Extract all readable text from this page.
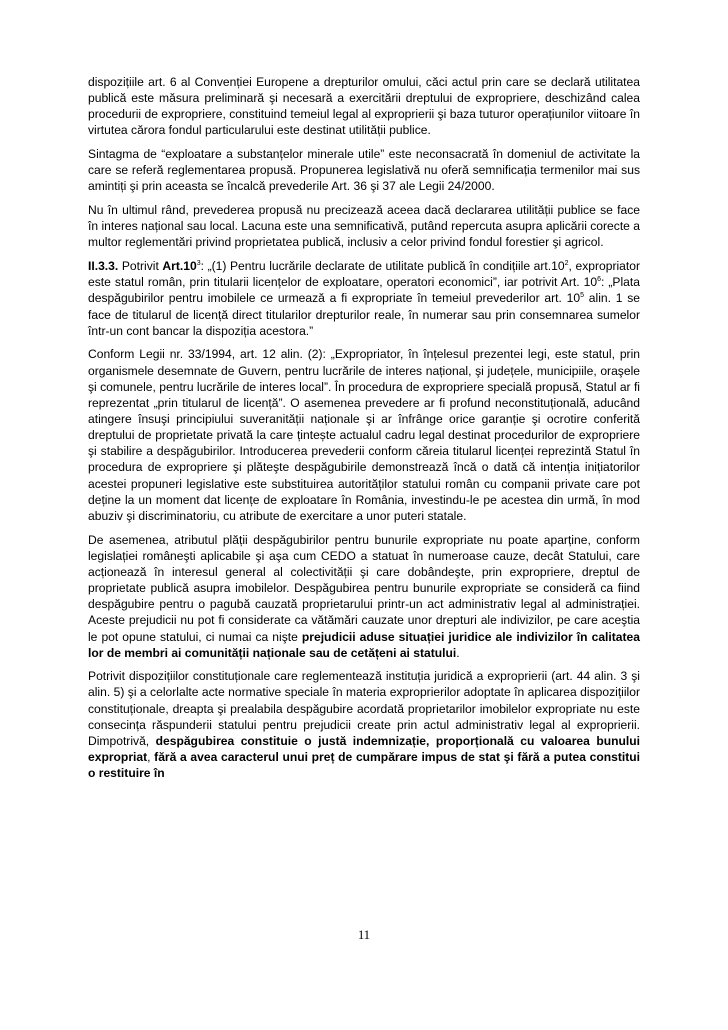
dispozițiile art. 6 al Convenției Europene a drepturilor omului, căci actul prin care se declară utilitatea publică este măsura preliminară şi necesară a exercitării dreptului de expropriere, deschizând calea procedurii de expropriere, constituind temeiul legal al exproprierii şi baza tuturor operațiunilor viitoare în virtutea cărora fondul particularului este destinat utilității publice.

Sintagma de “exploatare a substanțelor minerale utile” este neconsacrată în domeniul de activitate la care se referă reglementarea propusă. Propunerea legislativă nu oferă semnificația termenilor mai sus amintiți şi prin aceasta se încalcă prevederile Art. 36 şi 37 ale Legii 24/2000.

Nu în ultimul rând, prevederea propusă nu precizează aceea dacă declararea utilității publice se face în interes național sau local. Lacuna este una semnificativă, putând repercuta asupra aplicării corecte a multor reglementări privind proprietatea publică, inclusiv a celor privind fondul forestier şi agricol.

II.3.3. Potrivit $Art.10^3$: „(1) Pentru lucrările declarate de utilitate publică în condițiile $art.10^2$, expropriator este statul român, prin titularii licențelor de exploatare, operatori economici”, iar potrivit Art. $10^6$: „Plata despăgubirilor pentru imobilele ce urmează a fi expropriate în temeiul prevederilor art. $10^5$ alin. 1 se face de titularul de licență direct titularilor drepturilor reale, în numerar sau prin consemnarea sumelor într-un cont bancar la dispoziția acestora.”

Conform Legii nr. 33/1994, art. 12 alin. (2): „Expropriator, în înțelesul prezentei legi, este statul, prin organismele desemnate de Guvern, pentru lucrările de interes național, şi județele, municipiile, oraşele şi comunele, pentru lucrările de interes local”. În procedura de expropriere specială propusă, Statul ar fi reprezentat „prin titularul de licență”. O asemenea prevedere ar fi profund neconstituțională, aducând atingere însuşi principiului suveranității naționale şi ar înfrânge orice garanție şi ocrotire conferită dreptului de proprietate privată la care țintește actualul cadru legal destinat procedurilor de expropriere şi stabilire a despăgubirilor. Introducerea prevederii conform căreia titularul licenței reprezintă Statul în procedura de expropriere şi plăteşte despăgubirile demonstrează încă o dată că intenția inițiatorilor acestei propuneri legislative este substituirea autorităților statului român cu companii private care pot deține la un moment dat licențe de exploatare în România, investindu-le pe acestea din urmă, în mod abuziv şi discriminatoriu, cu atribute de exercitare a unor puteri statale.

De asemenea, atributul plății despăgubirilor pentru bunurile expropriate nu poate aparține, conform legislației româneşti aplicabile şi aşa cum CEDO a statuat în numeroase cauze, decât Statului, care acționează în interesul general al colectivității şi care dobândeşte, prin expropriere, dreptul de proprietate publică asupra imobilelor. Despăgubirea pentru bunurile expropriate se consideră ca fiind despăgubire pentru o pagubă cauzată proprietarului printr-un act administrativ legal al administrației. Aceste prejudicii nu pot fi considerate ca vătămări cauzate unor drepturi ale indivizilor, pe care aceştia le pot opune statului, ci numai ca nişte prejudicii aduse situației juridice ale indivizilor în calitatea lor de membri ai comunității naționale sau de cetățeni ai statului.

Potrivit dispozițiilor constituționale care reglementează instituția juridică a exproprierii (art. 44 alin. 3 şi alin. 5) şi a celorlalte acte normative speciale în materia exproprierilor adoptate în aplicarea dispozițiilor constituționale, dreapta şi prealabila despăgubire acordată proprietarilor imobilelor expropriate nu este consecința răspunderii statului pentru prejudicii create prin actul administrativ legal al exproprierii. Dimpotrivă, despăgubirea constituie o justă indemnizație, proporțională cu valoarea bunului expropriat, fără a avea caracterul unui preț de cumpărare impus de stat şi fără a putea constitui o restituire în

11
